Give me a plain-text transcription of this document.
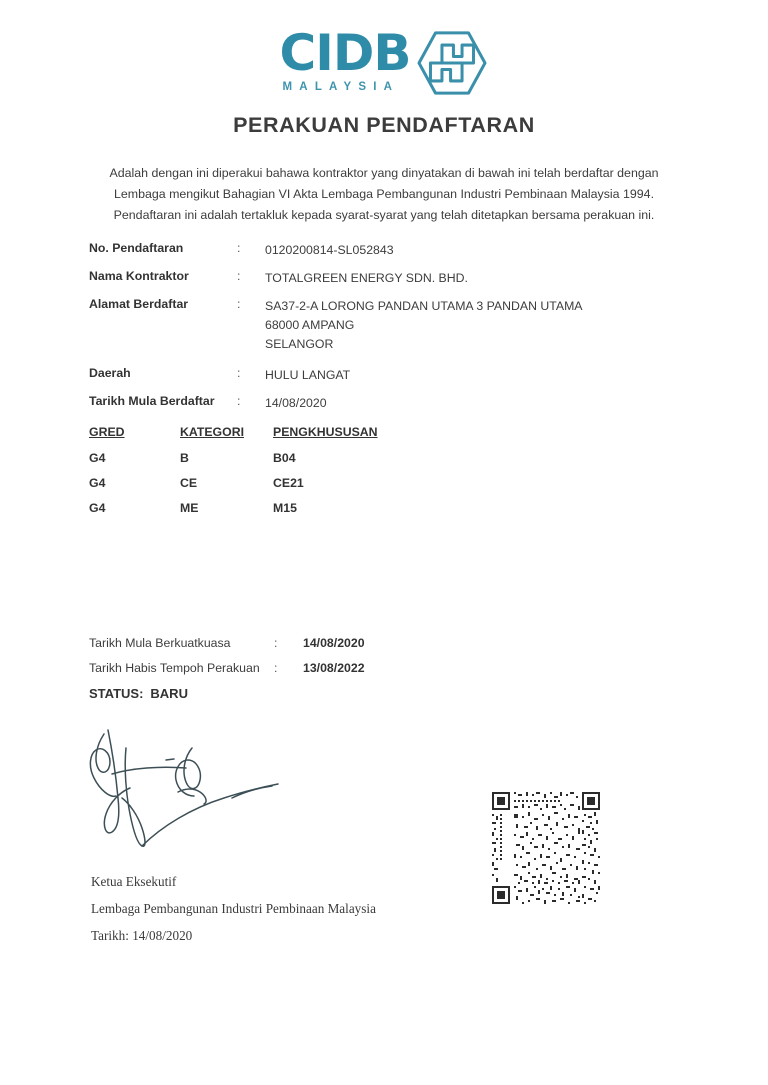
CIDB
MALAYSIA
PERAKUAN PENDAFTARAN
Adalah dengan ini diperakui bahawa kontraktor yang dinyatakan di bawah ini telah berdaftar dengan
Lembaga mengikut Bahagian VI Akta Lembaga Pembangunan Industri Pembinaan Malaysia 1994.
Pendaftaran ini adalah tertakluk kepada syarat-syarat yang telah ditetapkan bersama perakuan ini.
No. Pendaftaran	:	0120200814-SL052843
Nama Kontraktor	:	TOTALGREEN ENERGY SDN. BHD.
Alamat Berdaftar	:	SA37-2-A LORONG PANDAN UTAMA 3 PANDAN UTAMA
68000 AMPANG
SELANGOR
Daerah	:	HULU LANGAT
Tarikh Mula Berdaftar	:	14/08/2020
GRED	KATEGORI	PENGKHUSUSAN
G4	B	B04
G4	CE	CE21
G4	ME	M15
Tarikh Mula Berkuatkuasa	:	14/08/2020
Tarikh Habis Tempoh Perakuan	:	13/08/2022
STATUS: BARU
Ketua Eksekutif
Lembaga Pembangunan Industri Pembinaan Malaysia
Tarikh: 14/08/2020
